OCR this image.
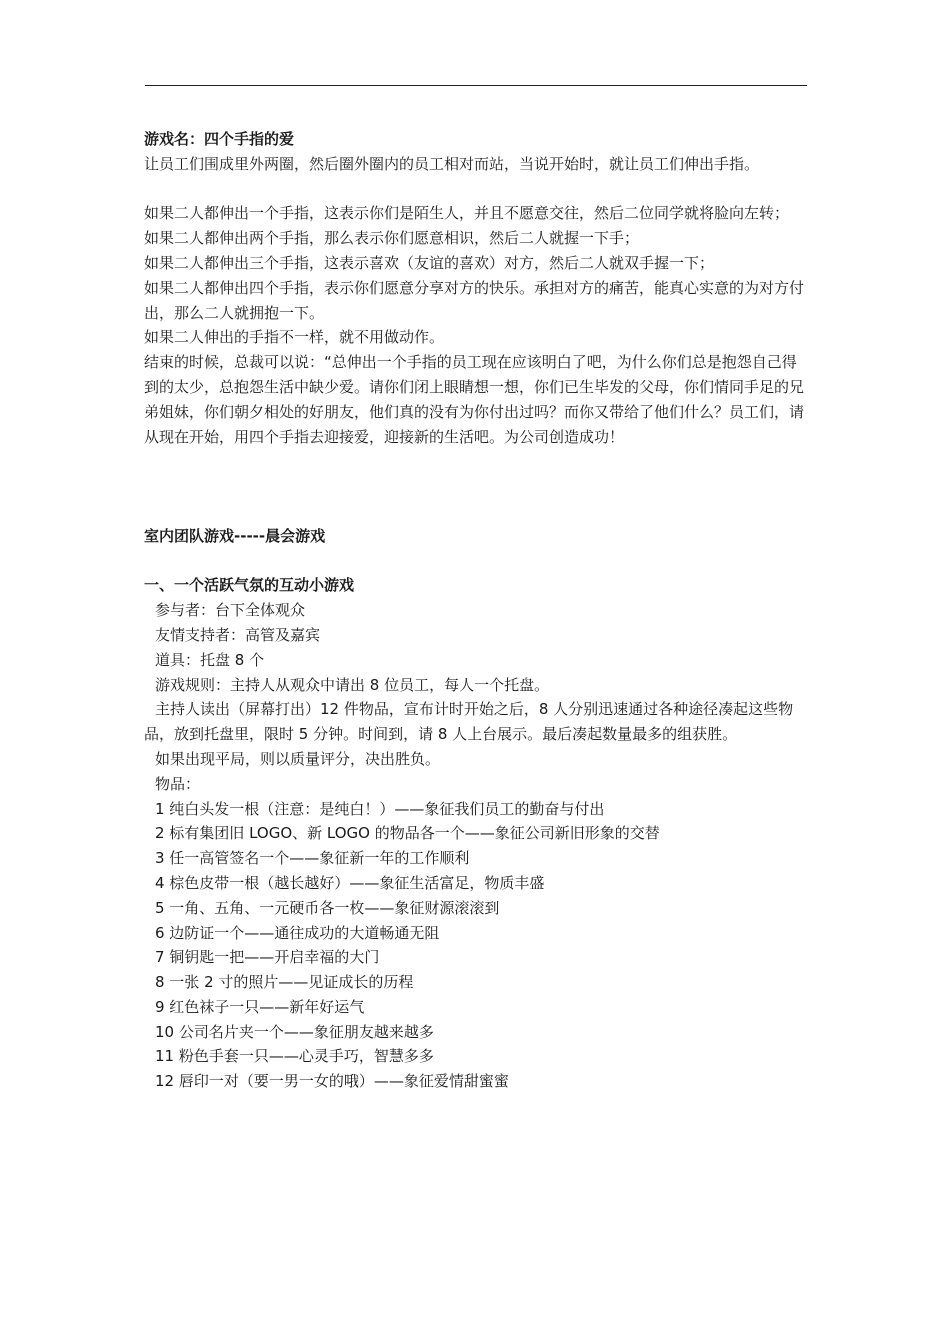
游戏名：四个手指的爱

让员工们围成里外两圈，然后圈外圈内的员工相对而站，当说开始时，就让员工们伸出手指。

如果二人都伸出一个手指，这表示你们是陌生人，并且不愿意交往，然后二位同学就将脸向左转；

如果二人都伸出两个手指，那么表示你们愿意相识，然后二人就握一下手；

如果二人都伸出三个手指，这表示喜欢（友谊的喜欢）对方，然后二人就双手握一下；

如果二人都伸出四个手指，表示你们愿意分享对方的快乐。承担对方的痛苦，能真心实意的为对方付出，那么二人就拥抱一下。

如果二人伸出的手指不一样，就不用做动作。

结束的时候，总裁可以说：“总伸出一个手指的员工现在应该明白了吧，为什么你们总是抱怨自己得到的太少，总抱怨生活中缺少爱。请你们闭上眼睛想一想，你们已生毕发的父母，你们情同手足的兄弟姐妹，你们朝夕相处的好朋友，他们真的没有为你付出过吗？而你又带给了他们什么？员工们，请从现在开始，用四个手指去迎接爱，迎接新的生活吧。为公司创造成功！

室内团队游戏-----晨会游戏

一、一个活跃气氛的互动小游戏

参与者：台下全体观众

友情支持者：高管及嘉宾

道具：托盘 8 个

游戏规则：主持人从观众中请出 8 位员工，每人一个托盘。

主持人读出（屏幕打出）12 件物品，宣布计时开始之后，8 人分别迅速通过各种途径凑起这些物品，放到托盘里，限时 5 分钟。时间到，请 8 人上台展示。最后凑起数量最多的组获胜。

如果出现平局，则以质量评分，决出胜负。

物品：

1 纯白头发一根（注意：是纯白！）——象征我们员工的勤奋与付出

2 标有集团旧 LOGO、新 LOGO 的物品各一个——象征公司新旧形象的交替

3 任一高管签名一个——象征新一年的工作顺利

4 棕色皮带一根（越长越好）——象征生活富足，物质丰盛

5 一角、五角、一元硬币各一枚——象征财源滚滚到

6 边防证一个——通往成功的大道畅通无阻

7 铜钥匙一把——开启幸福的大门

8 一张 2 寸的照片——见证成长的历程

9 红色袜子一只——新年好运气

10 公司名片夹一个——象征朋友越来越多

11 粉色手套一只——心灵手巧，智慧多多

12 唇印一对（要一男一女的哦）——象征爱情甜蜜蜜
